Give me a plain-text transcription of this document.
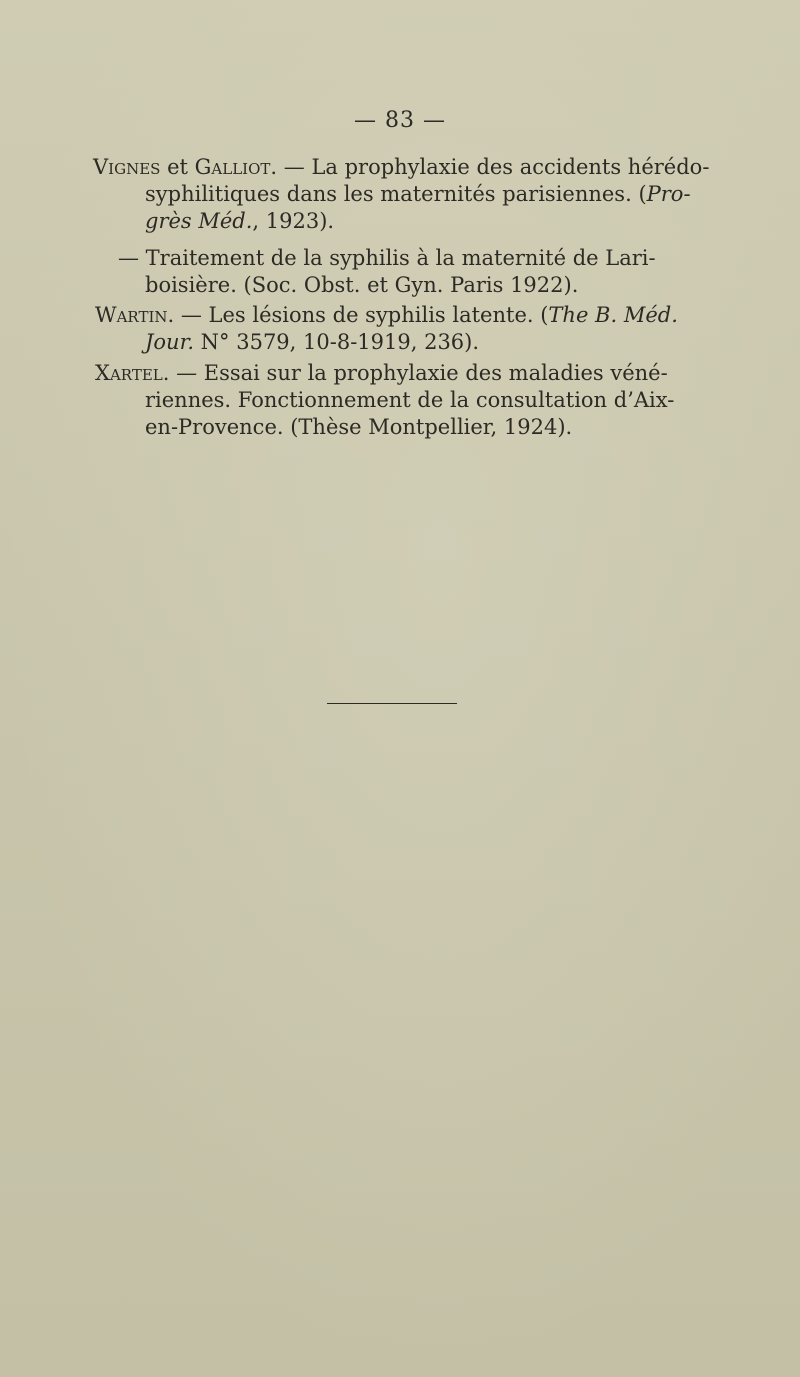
— 83 —
Vignes et Galliot. — La prophylaxie des accidents hérédo-
syphilitiques dans les maternités parisiennes. (Pro-
grès Méd., 1923).
— Traitement de la syphilis à la maternité de Lari-
boisière. (Soc. Obst. et Gyn. Paris 1922).
Wartin. — Les lésions de syphilis latente. (The B. Méd.
Jour. N° 3579, 10-8-1919, 236).
Xartel. — Essai sur la prophylaxie des maladies véné-
riennes. Fonctionnement de la consultation d’Aix-
en-Provence. (Thèse Montpellier, 1924).
